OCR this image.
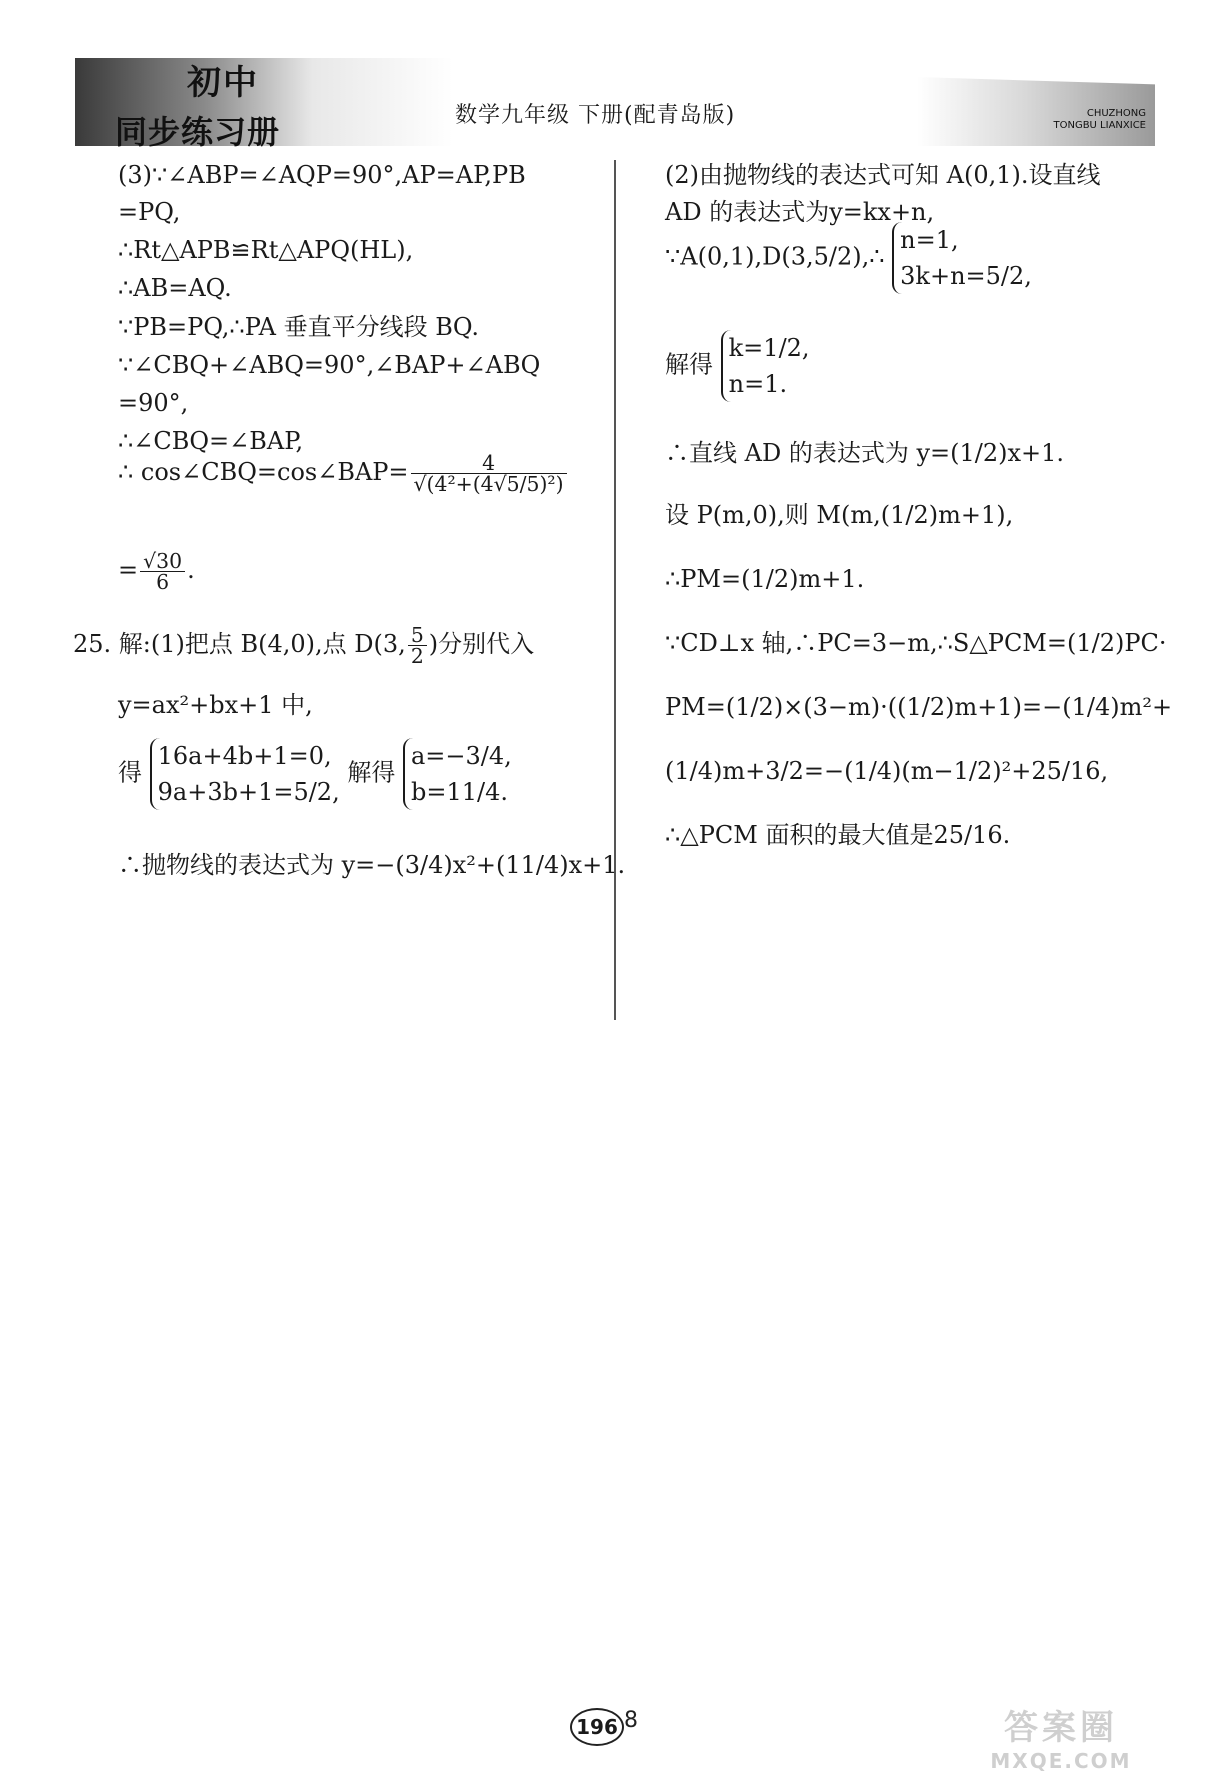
初中
同步练习册	数学九年级 下册(配青岛版)	CHUZHONG
TONGBU LIANXICE
(3)∵∠ABP=∠AQP=90°,AP=AP,PB
=PQ,
∴Rt△APB≌Rt△APQ(HL),
∴AB=AQ.
∵PB=PQ,∴PA 垂直平分线段 BQ.
∵∠CBQ+∠ABQ=90°,∠BAP+∠ABQ
=90°,
∴∠CBQ=∠BAP,
∴ cos∠CBQ=cos∠BAP= $\frac{4}{\text{√(4²+(4√5/5)²)}}$
= $\frac{√30}{6}$ .
25. 解:(1)把点 B(4,0),点 D(3, $\frac{5}{2}$ )分别代入
y=ax²+bx+1 中,
得
16a+4b+1=0,
9a+3b+1=5/2,
解得
a=−3/4,
b=11/4.
∴抛物线的表达式为 y=−(3/4)x²+(11/4)x+1.
(2)由抛物线的表达式可知 A(0,1).设直线
AD 的表达式为y=kx+n,
∵A(0,1),D(3,5/2),∴
n=1,
3k+n=5/2,
解得
k=1/2,
n=1.
∴直线 AD 的表达式为 y=(1/2)x+1.
设 P(m,0),则 M(m,(1/2)m+1),
∴PM=(1/2)m+1.
∵CD⊥x 轴,∴PC=3−m,∴S△PCM=(1/2)PC·
PM=(1/2)×(3−m)·((1/2)m+1)=−(1/4)m²+
(1/4)m+3/2=−(1/4)(m−1/2)²+25/16,
∴△PCM 面积的最大值是25/16.
196 8	答案圈
MXQE.COM
